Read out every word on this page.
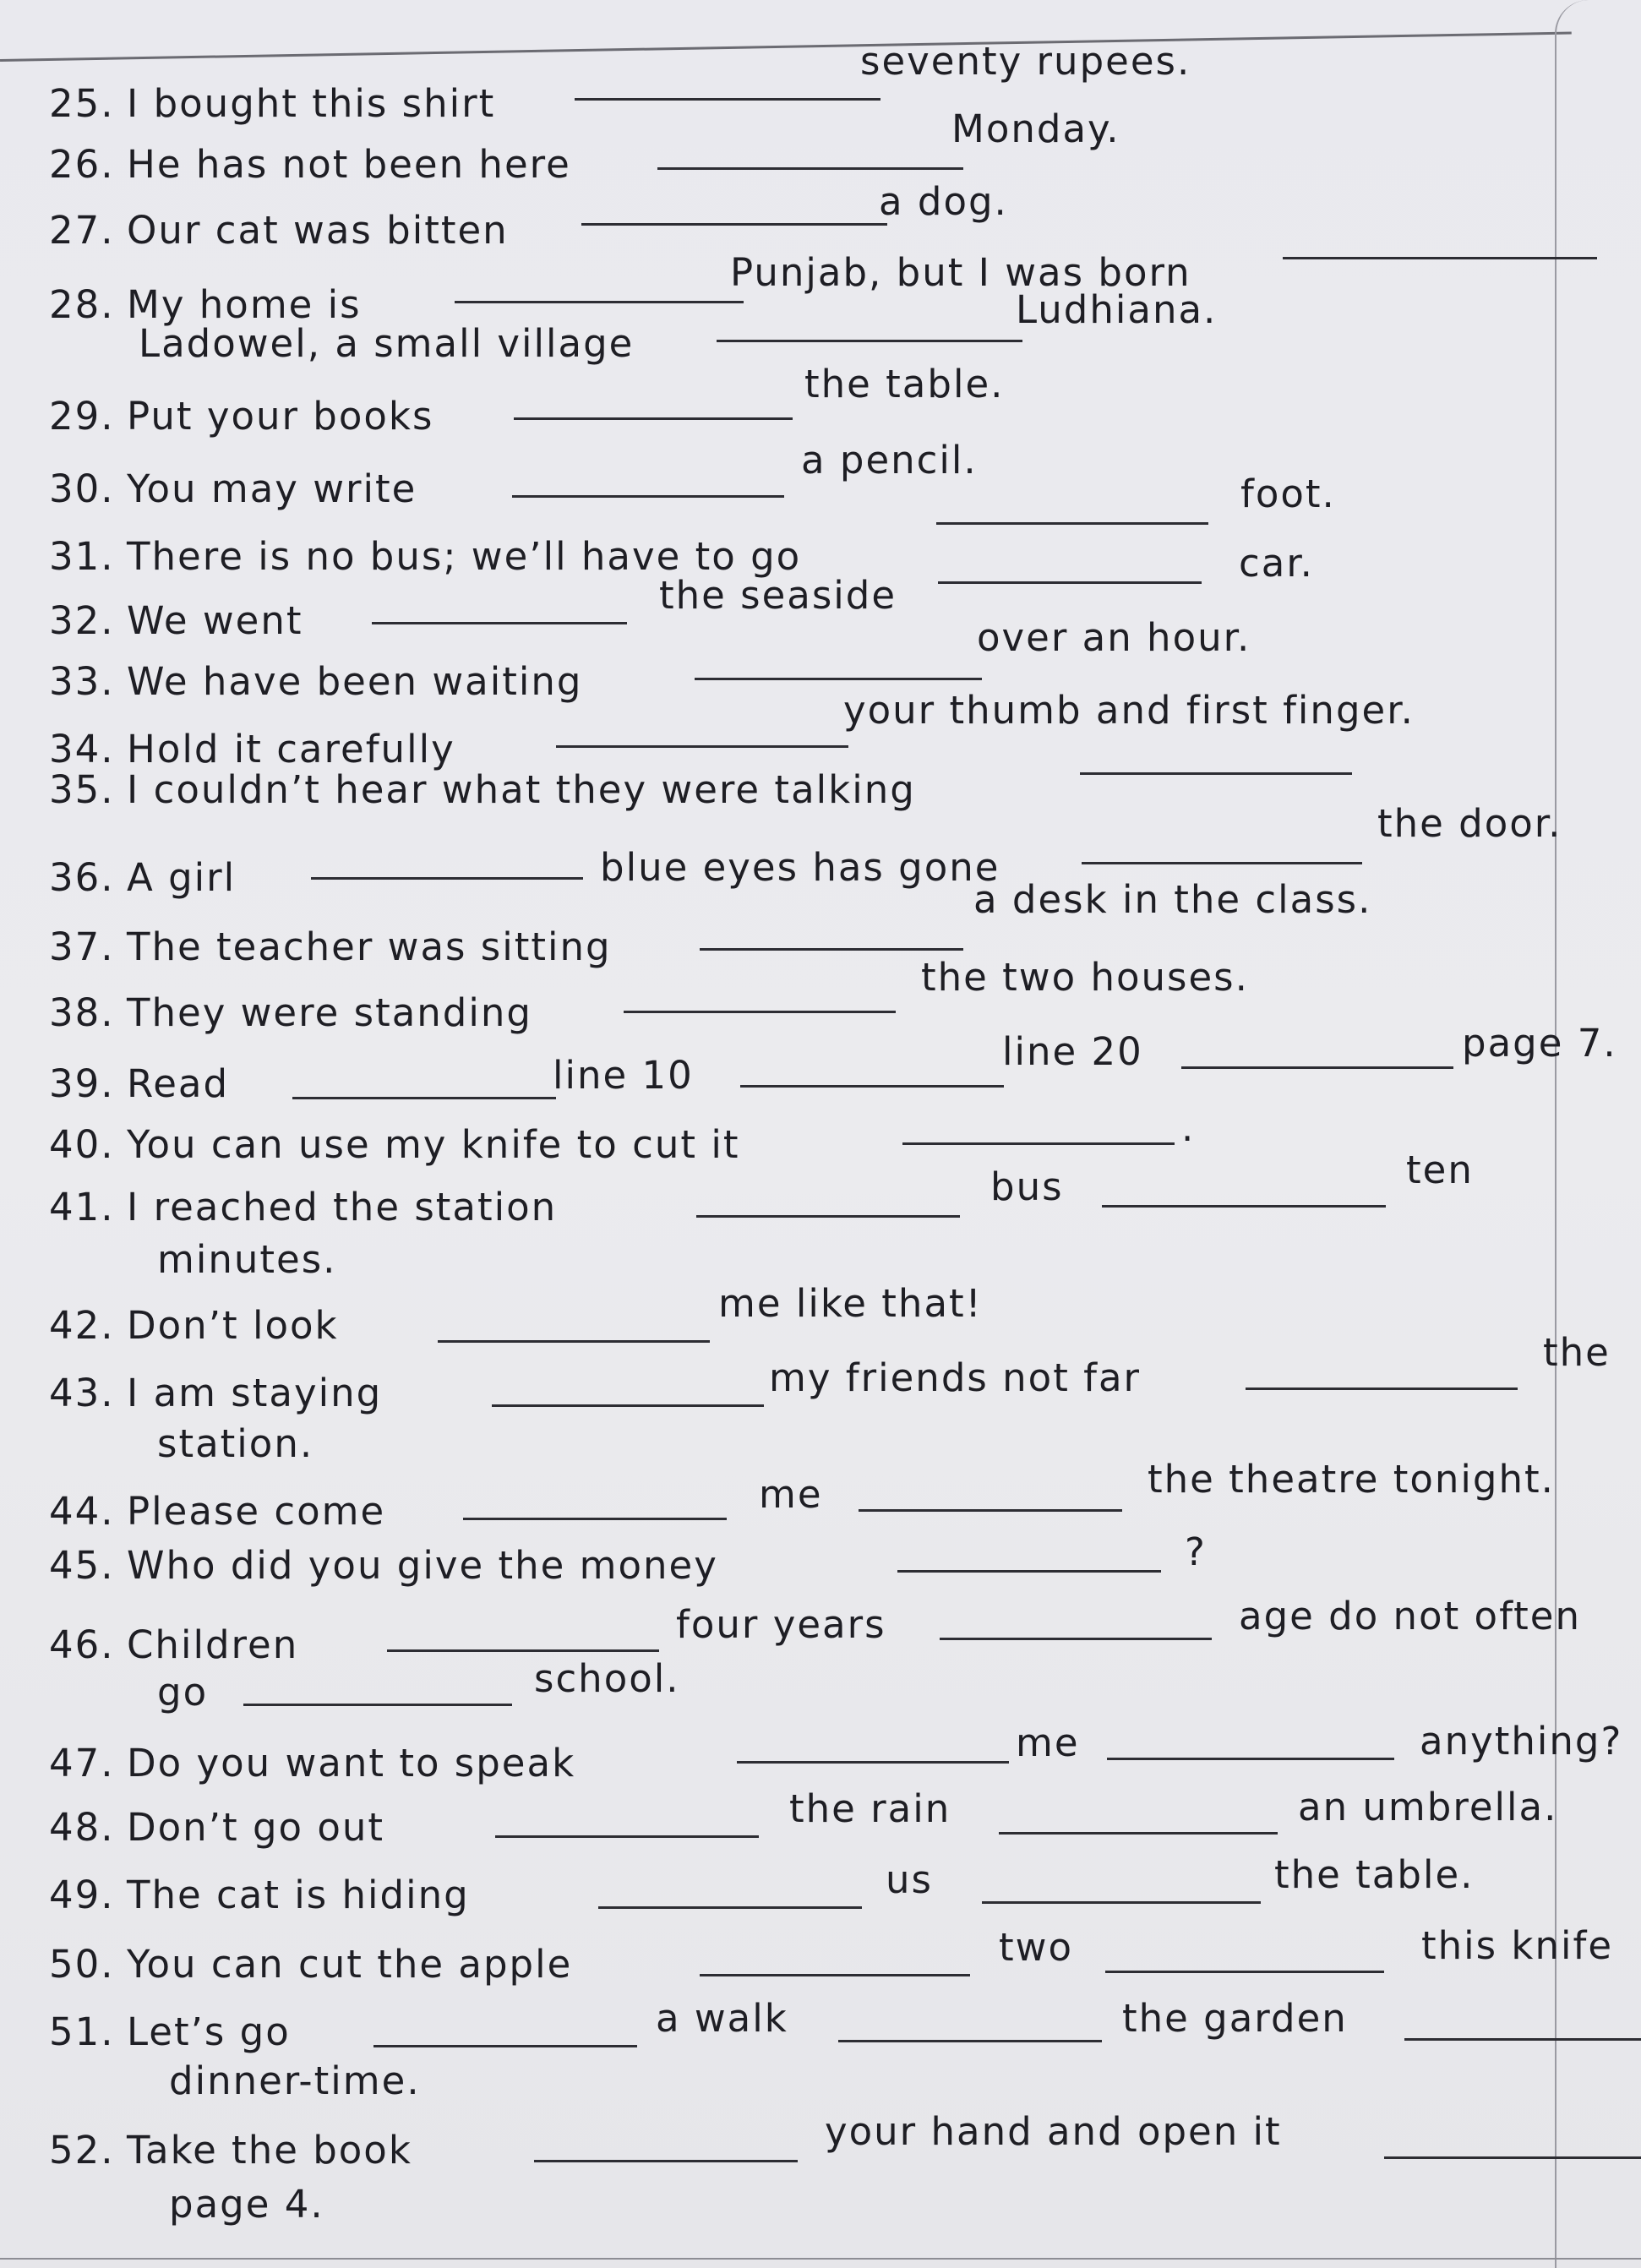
25. I bought this shirt
seventy rupees.
26. He has not been here
Monday.
27. Our cat was bitten
a dog.
28. My home is
Punjab, but I was born
Ladowel, a small village
Ludhiana.
29. Put your books
the table.
30. You may write
a pencil.
31. There is no bus; we’ll have to go
foot.
32. We went
the seaside
car.
33. We have been waiting
over an hour.
34. Hold it carefully
your thumb and first finger.
35. I couldn’t hear what they were talking
36. A girl	blue eyes has gone
the door.
37. The teacher was sitting
a desk in the class.
38. They were standing
the two houses.
39. Read	line 10
line 20	page 7.
40. You can use my knife to cut it	.
41. I reached the station	bus	ten
minutes.
42. Don’t look	me like that!
43. I am staying	my friends not far
the
station.
44. Please come	me	the theatre tonight.
45. Who did you give the money	?
46. Children	four years	age do not often
go	school.
47. Do you want to speak	me	anything?
48. Don’t go out	the rain	an umbrella.
49. The cat is hiding	us	the table.
50. You can cut the apple	two	this knife
51. Let’s go	a walk	the garden
dinner-time.
52. Take the book	your hand and open it
page 4.
